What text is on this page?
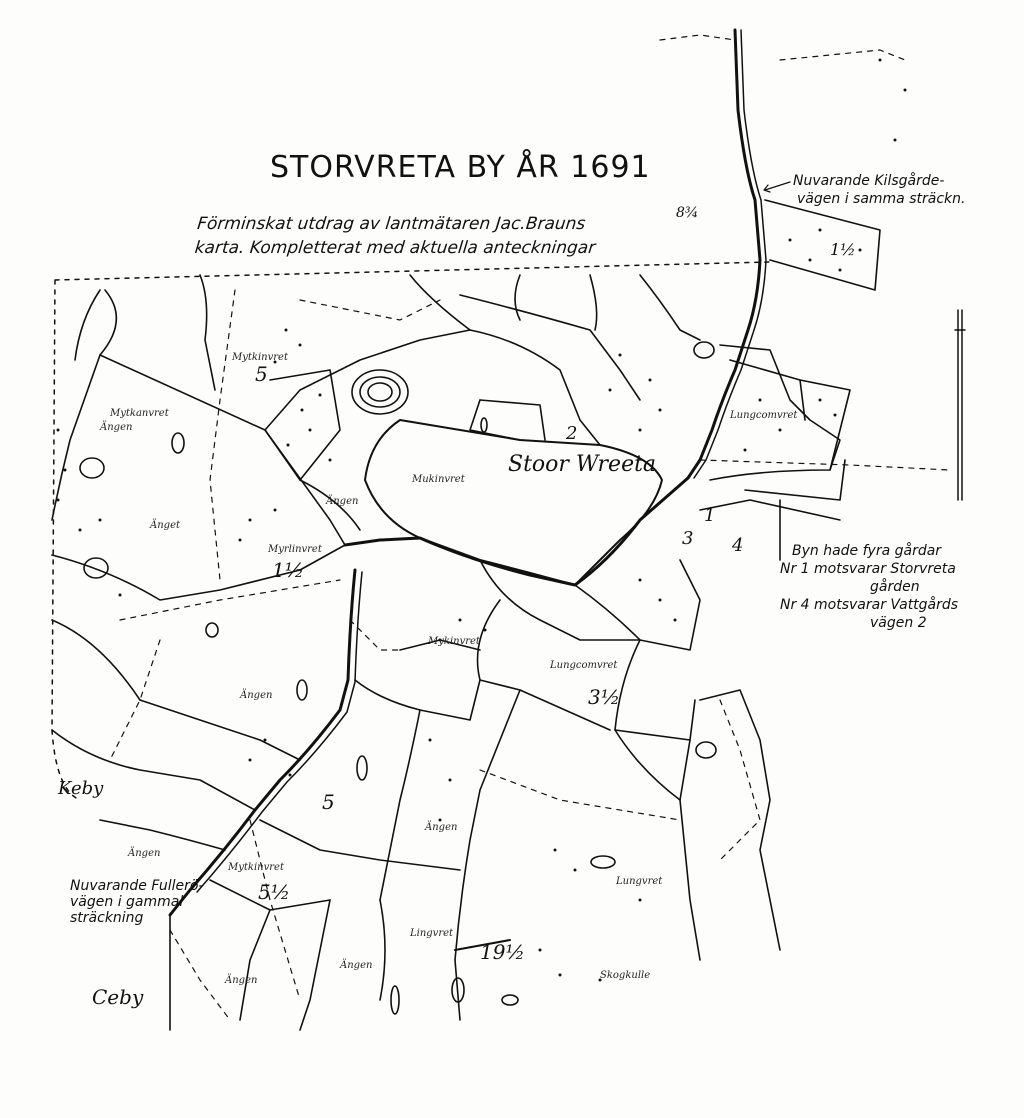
STORVRETA BY ÅR 1691
Förminskat utdrag av lantmätaren Jac.Brauns
karta. Kompletterat med aktuella anteckningar
Nuvarande Kilsgårde-
vägen i samma sträckn.
Byn hade fyra gårdar
Nr 1 motsvarar Storvreta
gården
Nr 4 motsvarar Vattgårds
vägen 2
Nuvarande Fullerö-
vägen i gammal
sträckning
Stoor Wreeta
Keby
Ceby
2
1
3 4
5
1½
3½
5
5½
19½
1½
8¾
Mytkinvret
Mytkanvret
Ängen
Mukinvret
Ängen
Änget
Myrlinvret
Lungcomvret
Lungcomvret
Ängen
Mykinvret
Ängen
Mytkinvret
Lungvret
Ängen
Ängen
Skogkulle
Ängen
Lingvret
